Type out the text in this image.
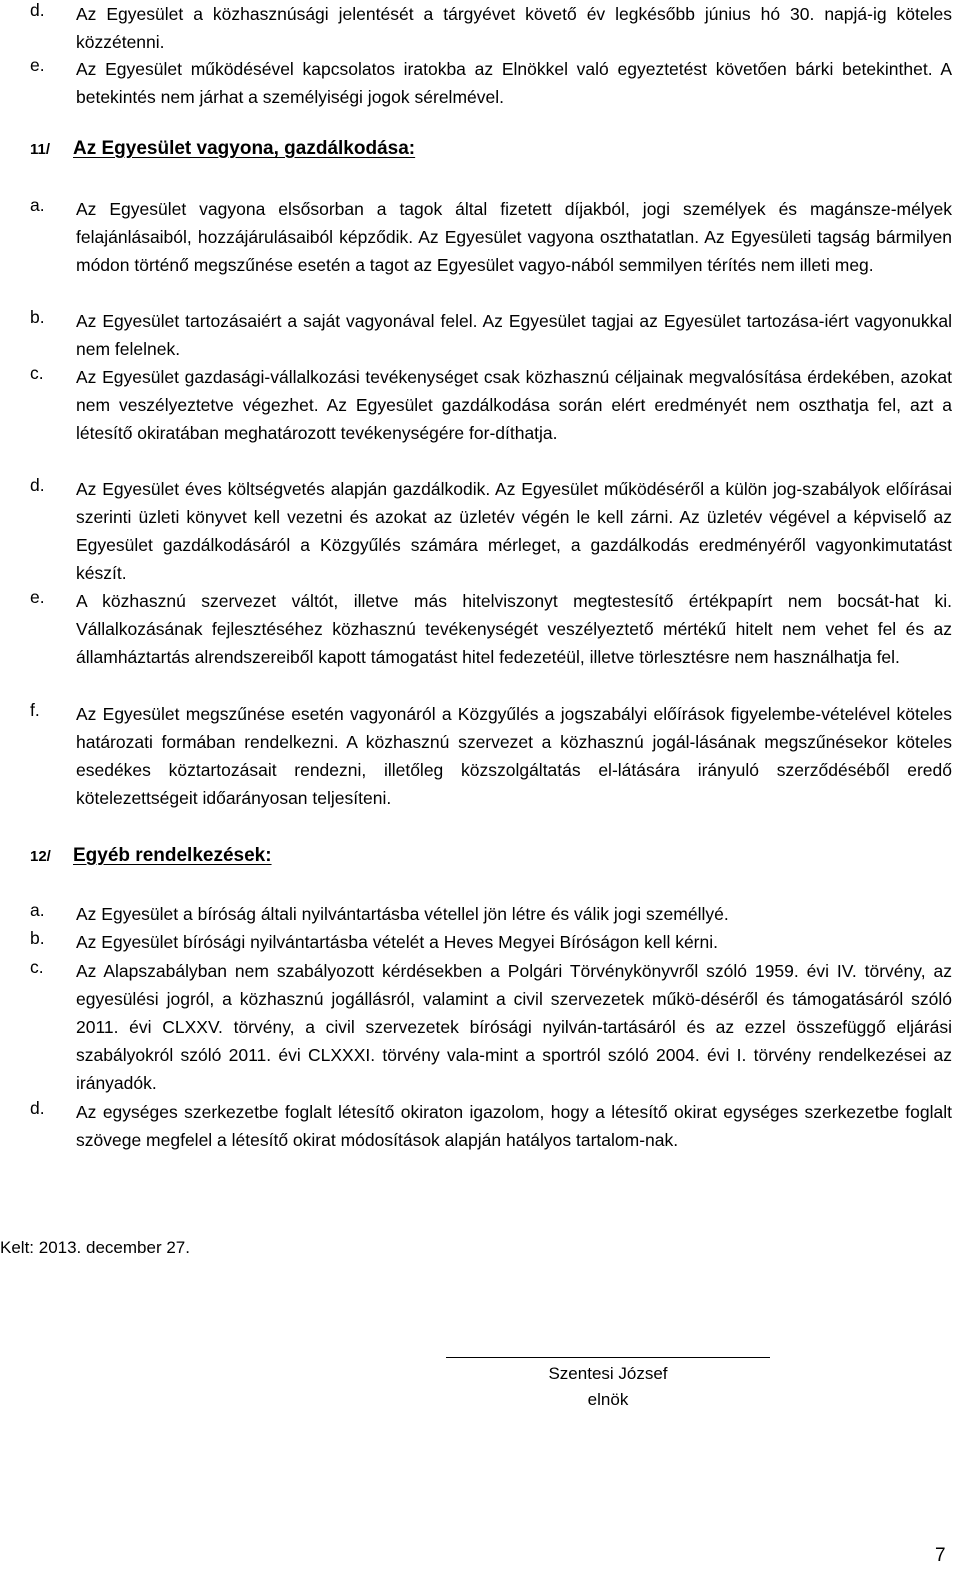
d. Az Egyesület a közhasznúsági jelentését a tárgyévet követő év legkésőbb június hó 30. napjá-ig köteles közzétenni.
e. Az Egyesület működésével kapcsolatos iratokba az Elnökkel való egyeztetést követően bárki betekinthet. A betekintés nem járhat a személyiségi jogok sérelmével.
11/ Az Egyesület vagyona, gazdálkodása:
a. Az Egyesület vagyona elsősorban a tagok által fizetett díjakból, jogi személyek és magánsze-mélyek felajánlásaiból, hozzájárulásaiból képződik. Az Egyesület vagyona oszthatatlan. Az Egyesületi tagság bármilyen módon történő megszűnése esetén a tagot az Egyesület vagyo-nából semmilyen térítés nem illeti meg.
b. Az Egyesület tartozásaiért a saját vagyonával felel. Az Egyesület tagjai az Egyesület tartozása-iért vagyonukkal nem felelnek.
c. Az Egyesület gazdasági-vállalkozási tevékenységet csak közhasznú céljainak megvalósítása érdekében, azokat nem veszélyeztetve végezhet. Az Egyesület gazdálkodása során elért eredményét nem oszthatja fel, azt a létesítő okiratában meghatározott tevékenységére for-díthatja.
d. Az Egyesület éves költségvetés alapján gazdálkodik. Az Egyesület működéséről a külön jog-szabályok előírásai szerinti üzleti könyvet kell vezetni és azokat az üzletév végén le kell zárni. Az üzletév végével a képviselő az Egyesület gazdálkodásáról a Közgyűlés számára mérleget, a gazdálkodás eredményéről vagyonkimutatást készít.
e. A közhasznú szervezet váltót, illetve más hitelviszonyt megtestesítő értékpapírt nem bocsát-hat ki. Vállalkozásának fejlesztéséhez közhasznú tevékenységét veszélyeztető mértékű hitelt nem vehet fel és az államháztartás alrendszereiből kapott támogatást hitel fedezetéül, illetve törlesztésre nem használhatja fel.
f. Az Egyesület megszűnése esetén vagyonáról a Közgyűlés a jogszabályi előírások figyelembe-vételével köteles határozati formában rendelkezni. A közhasznú szervezet a közhasznú jogál-lásának megszűnésekor köteles esedékes köztartozásait rendezni, illetőleg közszolgáltatás el-látására irányuló szerződéséből eredő kötelezettségeit időarányosan teljesíteni.
12/ Egyéb rendelkezések:
a. Az Egyesület a bíróság általi nyilvántartásba vétellel jön létre és válik jogi személlyé.
b. Az Egyesület bírósági nyilvántartásba vételét a Heves Megyei Bíróságon kell kérni.
c. Az Alapszabályban nem szabályozott kérdésekben a Polgári Törvénykönyvről szóló 1959. évi IV. törvény, az egyesülési jogról, a közhasznú jogállásról, valamint a civil szervezetek műkö-déséről és támogatásáról szóló 2011. évi CLXXV. törvény, a civil szervezetek bírósági nyilván-tartásáról és az ezzel összefüggő eljárási szabályokról szóló 2011. évi CLXXXI. törvény vala-mint a sportról szóló 2004. évi I. törvény rendelkezései az irányadók.
d. Az egységes szerkezetbe foglalt létesítő okiraton igazolom, hogy a létesítő okirat egységes szerkezetbe foglalt szövege megfelel a létesítő okirat módosítások alapján hatályos tartalom-nak.
Kelt: 2013. december 27.
Szentesi József
elnök
7
